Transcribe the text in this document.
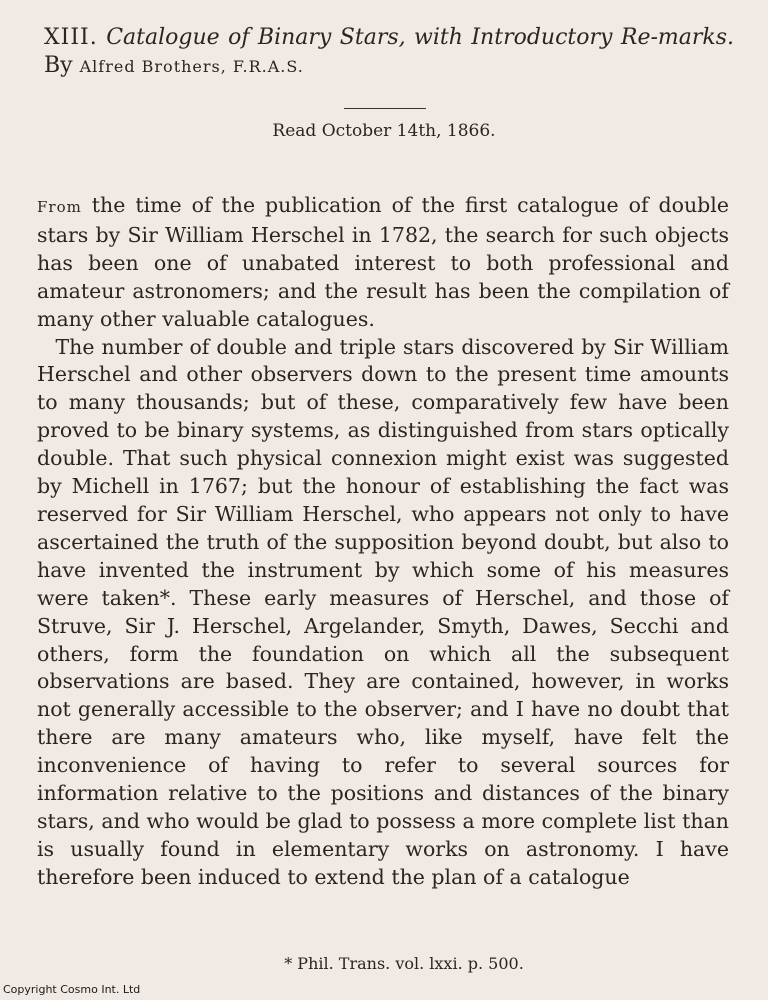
XIII. Catalogue of Binary Stars, with Introductory Re-marks. By Alfred Brothers, F.R.A.S.
Read October 14th, 1866.

From the time of the publication of the first catalogue of double stars by Sir William Herschel in 1782, the search for such objects has been one of unabated interest to both professional and amateur astronomers; and the result has been the compilation of many other valuable catalogues.

The number of double and triple stars discovered by Sir William Herschel and other observers down to the present time amounts to many thousands; but of these, comparatively few have been proved to be binary systems, as distinguished from stars optically double. That such physical connexion might exist was suggested by Michell in 1767; but the honour of establishing the fact was reserved for Sir William Herschel, who appears not only to have ascertained the truth of the supposition beyond doubt, but also to have invented the instrument by which some of his measures were taken*. These early measures of Herschel, and those of Struve, Sir J. Herschel, Argelander, Smyth, Dawes, Secchi and others, form the foundation on which all the subsequent observations are based. They are contained, however, in works not generally accessible to the observer; and I have no doubt that there are many amateurs who, like myself, have felt the inconvenience of having to refer to several sources for information relative to the positions and distances of the binary stars, and who would be glad to possess a more complete list than is usually found in elementary works on astronomy. I have therefore been induced to extend the plan of a catalogue

* Phil. Trans. vol. lxxi. p. 500.
Copyright Cosmo Int. Ltd
